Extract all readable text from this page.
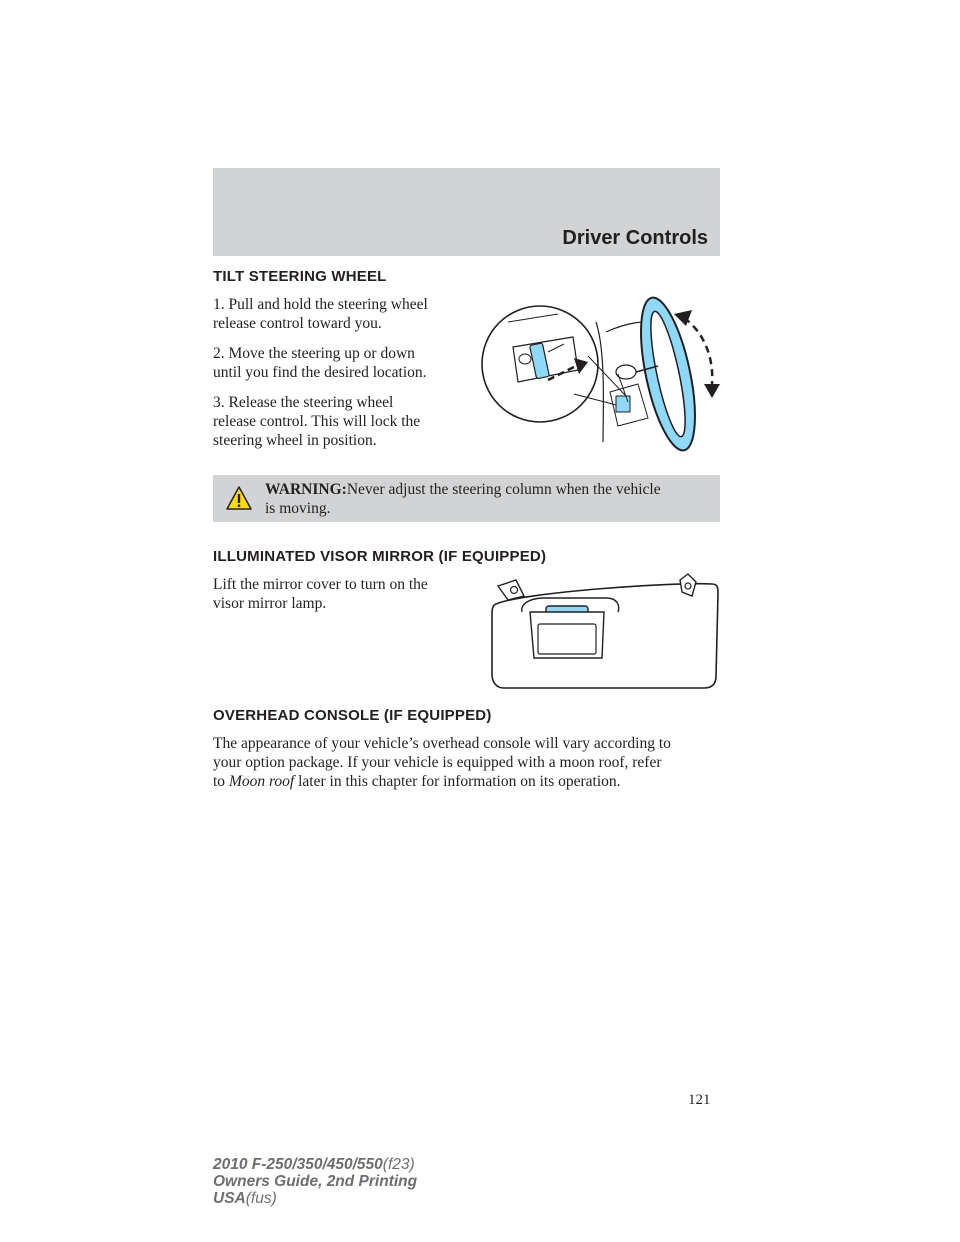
Driver Controls
TILT STEERING WHEEL
1. Pull and hold the steering wheel
release control toward you.
2. Move the steering up or down
until you find the desired location.
3. Release the steering wheel
release control. This will lock the
steering wheel in position.
WARNING:Never adjust the steering column when the vehicle
is moving.
ILLUMINATED VISOR MIRROR (IF EQUIPPED)
Lift the mirror cover to turn on the
visor mirror lamp.
OVERHEAD CONSOLE (IF EQUIPPED)
The appearance of your vehicle’s overhead console will vary according to
your option package. If your vehicle is equipped with a moon roof, refer
to Moon roof later in this chapter for information on its operation.
121
2010 F-250/350/450/550(f23)
Owners Guide, 2nd Printing
USA(fus)
